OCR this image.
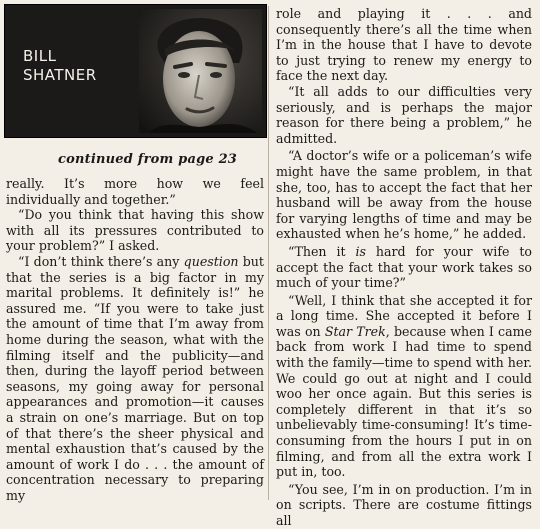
BILL
SHATNER
continued from page 23

really. It’s more how we feel individually and together.”

“Do you think that having this show with all its pressures contributed to your problem?” I asked.

“I don’t think there’s any question but that the series is a big factor in my marital problems. It definitely is!” he assured me. “If you were to take just the amount of time that I’m away from home during the season, what with the filming itself and the publicity—and then, during the layoff period between seasons, my going away for personal appearances and promotion—it causes a strain on one’s marriage. But on top of that there’s the sheer physical and mental exhaustion that’s caused by the amount of work I do . . . the amount of concentration necessary to preparing my

role and playing it . . . and consequently there’s all the time when I’m in the house that I have to devote to just trying to renew my energy to face the next day.

“It all adds to our difficulties very seriously, and is perhaps the major reason for there being a problem,” he admitted.

“A doctor’s wife or a policeman’s wife might have the same problem, in that she, too, has to accept the fact that her husband will be away from the house for varying lengths of time and may be exhausted when he’s home,” he added.

“Then it is hard for your wife to accept the fact that your work takes so much of your time?”

“Well, I think that she accepted it for a long time. She accepted it before I was on Star Trek, because when I came back from work I had time to spend with the family—time to spend with her. We could go out at night and I could woo her once again. But this series is completely different in that it’s so unbelievably time-consuming! It’s time-consuming from the hours I put in on filming, and from all the extra work I put in, too.

“You see, I’m in on production. I’m in on scripts. There are costume fittings all
